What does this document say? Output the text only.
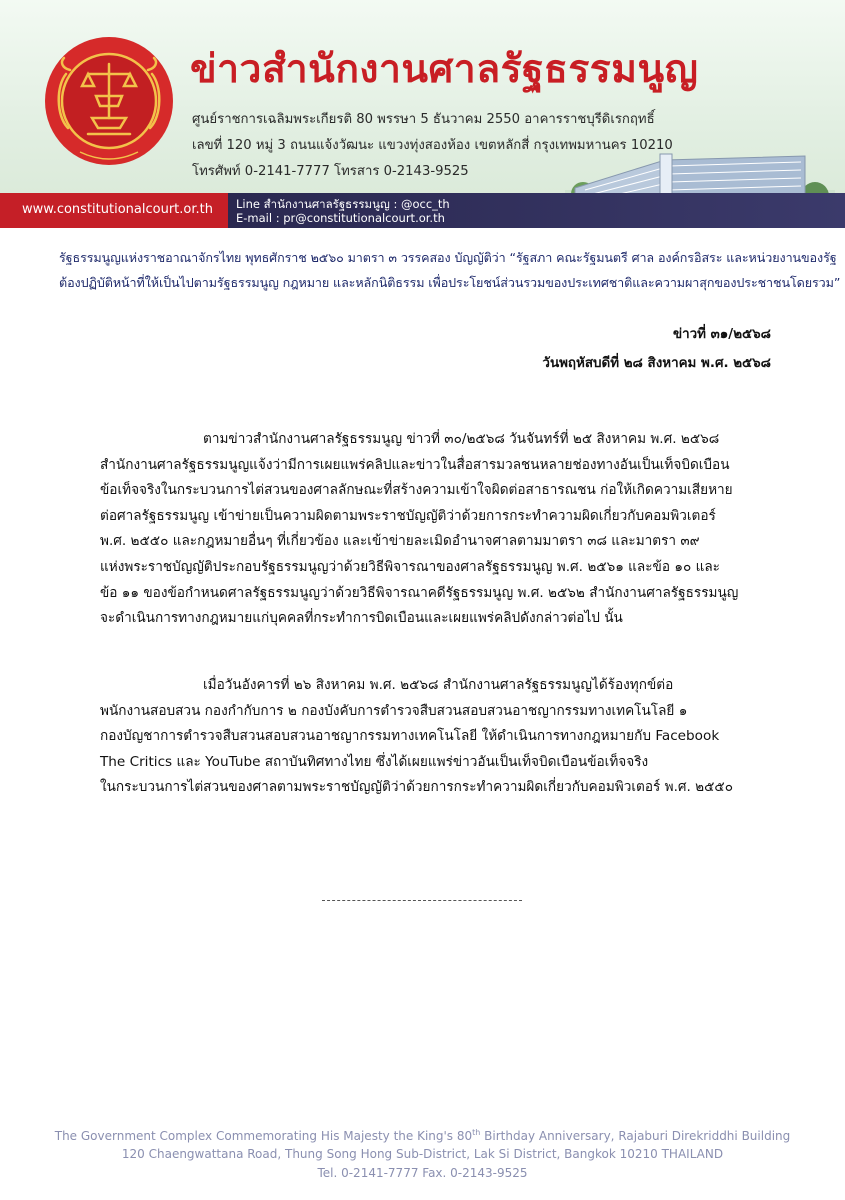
ข่าวสำนักงานศาลรัฐธรรมนูญ
ศูนย์ราชการเฉลิมพระเกียรติ 80 พรรษา 5 ธันวาคม 2550 อาคารราชบุรีดิเรกฤทธิ์
เลขที่ 120 หมู่ 3 ถนนแจ้งวัฒนะ แขวงทุ่งสองห้อง เขตหลักสี่ กรุงเทพมหานคร 10210
โทรศัพท์ 0-2141-7777 โทรสาร 0-2143-9525
www.constitutionalcourt.or.th Line สำนักงานศาลรัฐธรรมนูญ : @occ_th
E-mail : pr@constitutionalcourt.or.th
รัฐธรรมนูญแห่งราชอาณาจักรไทย พุทธศักราช ๒๕๖๐ มาตรา ๓ วรรคสอง บัญญัติว่า “รัฐสภา คณะรัฐมนตรี ศาล องค์กรอิสระ และหน่วยงานของรัฐ
ต้องปฏิบัติหน้าที่ให้เป็นไปตามรัฐธรรมนูญ กฎหมาย และหลักนิติธรรม เพื่อประโยชน์ส่วนรวมของประเทศชาติและความผาสุกของประชาชนโดยรวม”
ข่าวที่ ๓๑/๒๕๖๘
วันพฤหัสบดีที่ ๒๘ สิงหาคม พ.ศ. ๒๕๖๘
ตามข่าวสำนักงานศาลรัฐธรรมนูญ ข่าวที่ ๓๐/๒๕๖๘ วันจันทร์ที่ ๒๕ สิงหาคม พ.ศ. ๒๕๖๘
สำนักงานศาลรัฐธรรมนูญแจ้งว่ามีการเผยแพร่คลิปและข่าวในสื่อสารมวลชนหลายช่องทางอันเป็นเท็จบิดเบือน
ข้อเท็จจริงในกระบวนการไต่สวนของศาลลักษณะที่สร้างความเข้าใจผิดต่อสาธารณชน ก่อให้เกิดความเสียหาย
ต่อศาลรัฐธรรมนูญ เข้าข่ายเป็นความผิดตามพระราชบัญญัติว่าด้วยการกระทำความผิดเกี่ยวกับคอมพิวเตอร์
พ.ศ. ๒๕๕๐ และกฎหมายอื่นๆ ที่เกี่ยวข้อง และเข้าข่ายละเมิดอำนาจศาลตามมาตรา ๓๘ และมาตรา ๓๙
แห่งพระราชบัญญัติประกอบรัฐธรรมนูญว่าด้วยวิธีพิจารณาของศาลรัฐธรรมนูญ พ.ศ. ๒๕๖๑ และข้อ ๑๐ และ
ข้อ ๑๑ ของข้อกำหนดศาลรัฐธรรมนูญว่าด้วยวิธีพิจารณาคดีรัฐธรรมนูญ พ.ศ. ๒๕๖๒ สำนักงานศาลรัฐธรรมนูญ
จะดำเนินการทางกฎหมายแก่บุคคลที่กระทำการบิดเบือนและเผยแพร่คลิปดังกล่าวต่อไป นั้น
เมื่อวันอังคารที่ ๒๖ สิงหาคม พ.ศ. ๒๕๖๘ สำนักงานศาลรัฐธรรมนูญได้ร้องทุกข์ต่อ
พนักงานสอบสวน กองกำกับการ ๒ กองบังคับการตำรวจสืบสวนสอบสวนอาชญากรรมทางเทคโนโลยี ๑
กองบัญชาการตำรวจสืบสวนสอบสวนอาชญากรรมทางเทคโนโลยี ให้ดำเนินการทางกฎหมายกับ Facebook
The Critics และ YouTube สถาบันทิศทางไทย ซึ่งได้เผยแพร่ข่าวอันเป็นเท็จบิดเบือนข้อเท็จจริง
ในกระบวนการไต่สวนของศาลตามพระราชบัญญัติว่าด้วยการกระทำความผิดเกี่ยวกับคอมพิวเตอร์ พ.ศ. ๒๕๕๐
The Government Complex Commemorating His Majesty the King's 80th Birthday Anniversary, Rajaburi Direkriddhi Building
120 Chaengwattana Road, Thung Song Hong Sub-District, Lak Si District, Bangkok 10210 THAILAND
Tel. 0-2141-7777 Fax. 0-2143-9525
